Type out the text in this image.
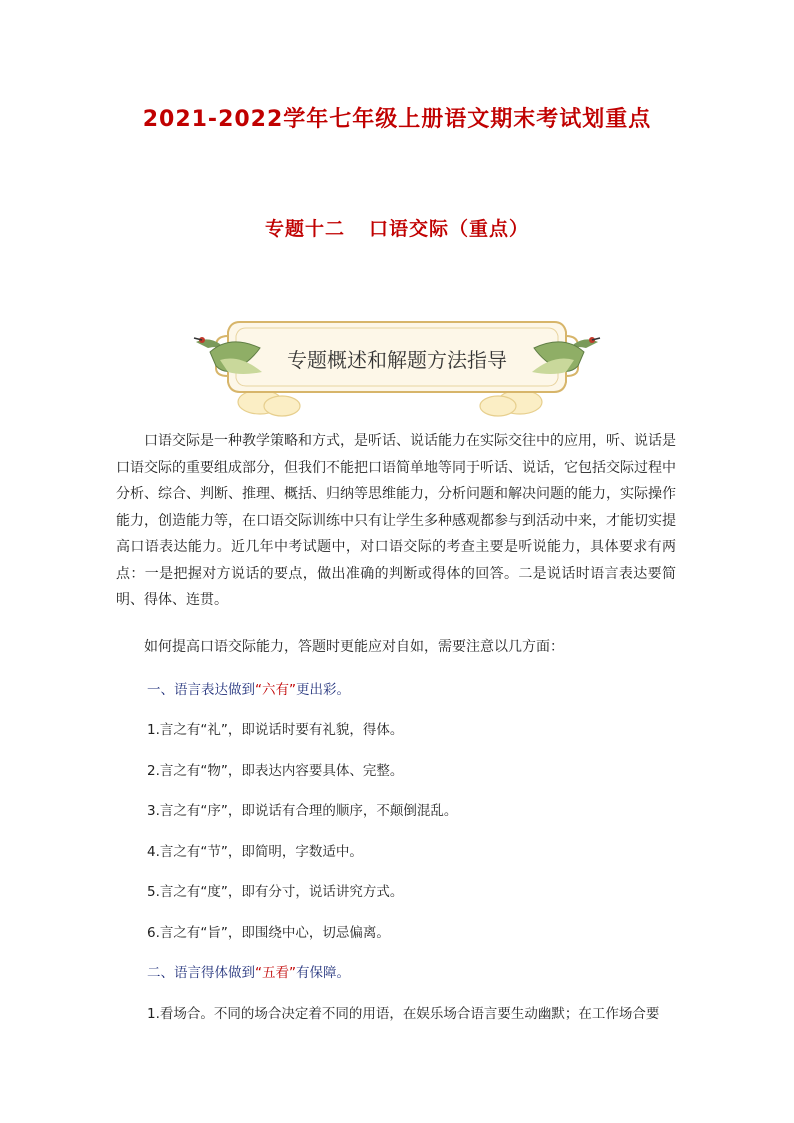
2021-2022学年七年级上册语文期末考试划重点
专题十二 口语交际（重点）
专题概述和解题方法指导
口语交际是一种教学策略和方式，是听话、说话能力在实际交往中的应用，听、说话是口语交际的重要组成部分，但我们不能把口语简单地等同于听话、说话，它包括交际过程中分析、综合、判断、推理、概括、归纳等思维能力，分析问题和解决问题的能力，实际操作能力，创造能力等，在口语交际训练中只有让学生多种感观都参与到活动中来，才能切实提高口语表达能力。近几年中考试题中，对口语交际的考查主要是听说能力，具体要求有两点：一是把握对方说话的要点，做出准确的判断或得体的回答。二是说话时语言表达要简明、得体、连贯。
如何提高口语交际能力，答题时更能应对自如，需要注意以几方面：
一、语言表达做到“六有”更出彩。
1.言之有“礼”，即说话时要有礼貌，得体。
2.言之有“物”，即表达内容要具体、完整。
3.言之有“序”，即说话有合理的顺序，不颠倒混乱。
4.言之有“节”，即简明，字数适中。
5.言之有“度”，即有分寸，说话讲究方式。
6.言之有“旨”，即围绕中心，切忌偏离。
二、语言得体做到“五看”有保障。
1.看场合。不同的场合决定着不同的用语，在娱乐场合语言要生动幽默；在工作场合要
